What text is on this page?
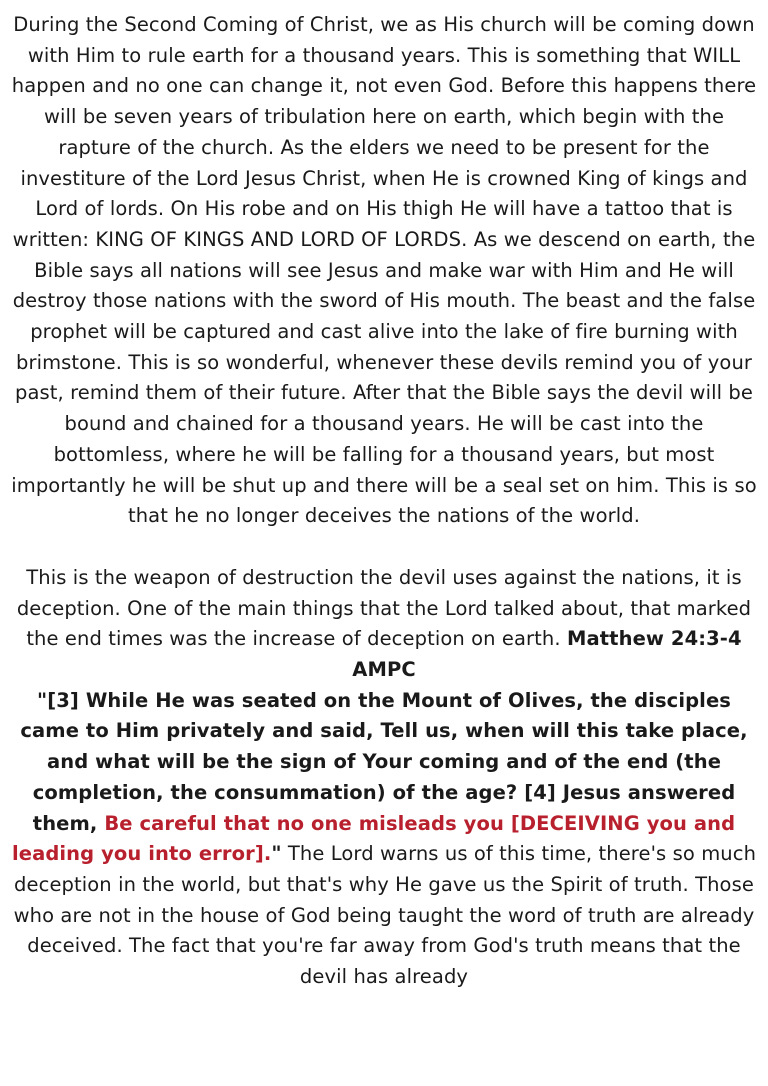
During the Second Coming of Christ, we as His church will be coming down with Him to rule earth for a thousand years. This is something that WILL happen and no one can change it, not even God. Before this happens there will be seven years of tribulation here on earth, which begin with the rapture of the church. As the elders we need to be present for the investiture of the Lord Jesus Christ, when He is crowned King of kings and Lord of lords. On His robe and on His thigh He will have a tattoo that is written: KING OF KINGS AND LORD OF LORDS. As we descend on earth, the Bible says all nations will see Jesus and make war with Him and He will destroy those nations with the sword of His mouth. The beast and the false prophet will be captured and cast alive into the lake of fire burning with brimstone. This is so wonderful, whenever these devils remind you of your past, remind them of their future. After that the Bible says the devil will be bound and chained for a thousand years. He will be cast into the bottomless, where he will be falling for a thousand years, but most importantly he will be shut up and there will be a seal set on him. This is so that he no longer deceives the nations of the world.

This is the weapon of destruction the devil uses against the nations, it is deception. One of the main things that the Lord talked about, that marked the end times was the increase of deception on earth. Matthew 24:3-4 AMPC
"[3] While He was seated on the Mount of Olives, the disciples came to Him privately and said, Tell us, when will this take place, and what will be the sign of Your coming and of the end (the completion, the consummation) of the age? [4] Jesus answered them, Be careful that no one misleads you [DECEIVING you and leading you into error]." The Lord warns us of this time, there's so much deception in the world, but that's why He gave us the Spirit of truth. Those who are not in the house of God being taught the word of truth are already deceived. The fact that you're far away from God's truth means that the devil has already
